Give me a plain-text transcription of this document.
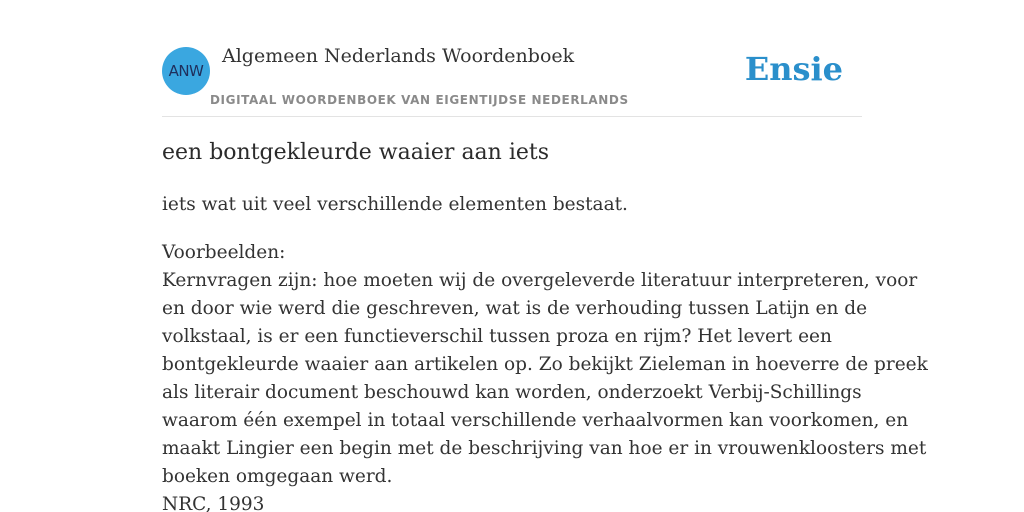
ANW
Algemeen Nederlands Woordenboek
DIGITAAL WOORDENBOEK VAN EIGENTIJDSE NEDERLANDS
Ensie
een bontgekleurde waaier aan iets
iets wat uit veel verschillende elementen bestaat.
Voorbeelden:
Kernvragen zijn: hoe moeten wij de overgeleverde literatuur interpreteren, voor
en door wie werd die geschreven, wat is de verhouding tussen Latijn en de
volkstaal, is er een functieverschil tussen proza en rijm? Het levert een
bontgekleurde waaier aan artikelen op. Zo bekijkt Zieleman in hoeverre de preek
als literair document beschouwd kan worden, onderzoekt Verbij-Schillings
waarom één exempel in totaal verschillende verhaalvormen kan voorkomen, en
maakt Lingier een begin met de beschrijving van hoe er in vrouwenkloosters met
boeken omgegaan werd.
NRC, 1993
